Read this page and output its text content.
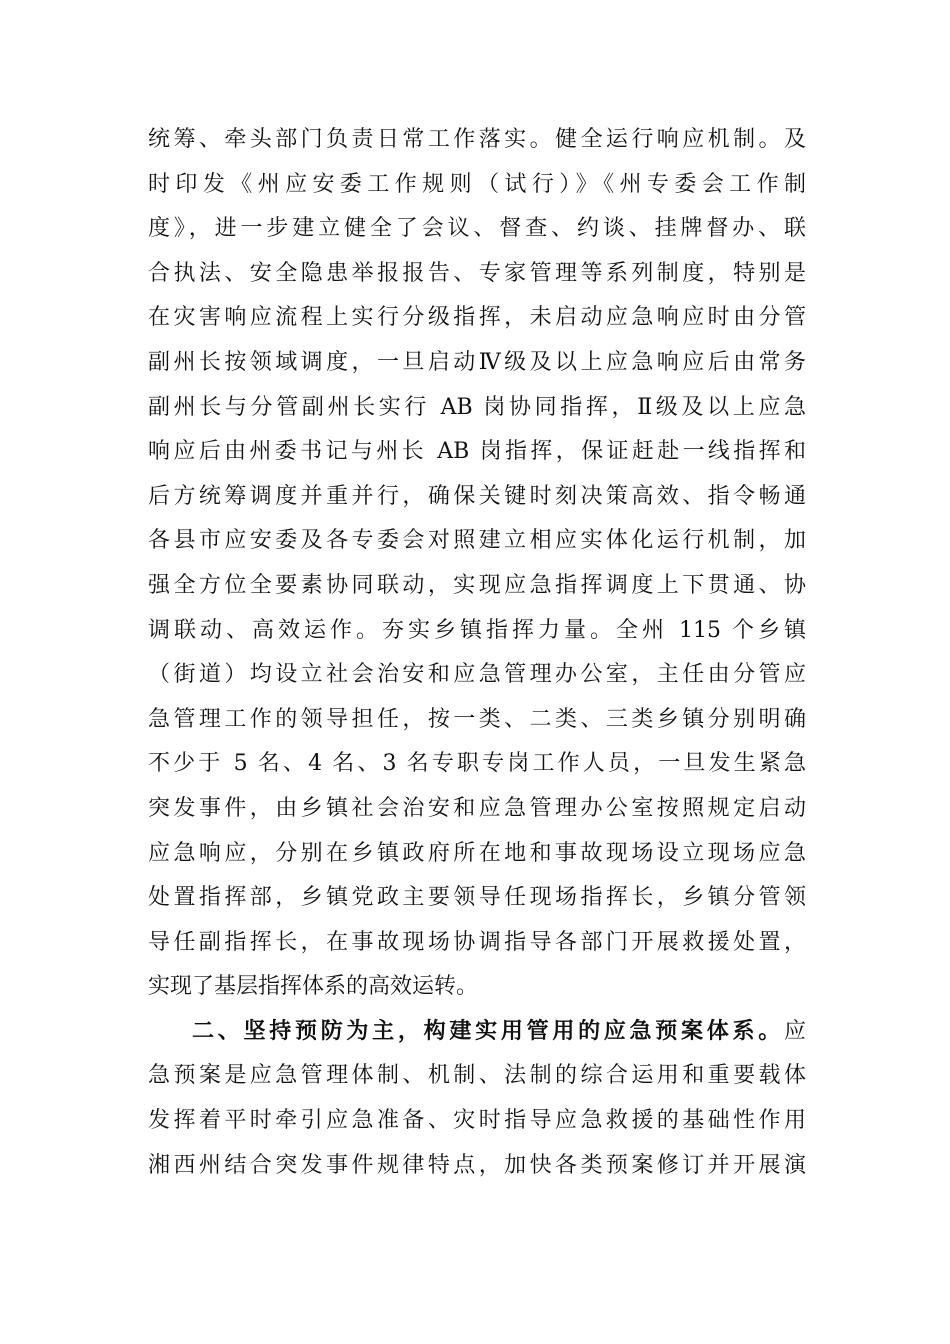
统筹、牵头部门负责日常工作落实。健全运行响应机制。及
时印发《州应安委工作规则（试行）》《州专委会工作制
度》，进一步建立健全了会议、督查、约谈、挂牌督办、联
合执法、安全隐患举报报告、专家管理等系列制度，特别是
在灾害响应流程上实行分级指挥，未启动应急响应时由分管
副州长按领域调度，一旦启动Ⅳ级及以上应急响应后由常务
副州长与分管副州长实行 AB 岗协同指挥，Ⅱ级及以上应急
响应后由州委书记与州长 AB 岗指挥，保证赶赴一线指挥和
后方统筹调度并重并行，确保关键时刻决策高效、指令畅通
各县市应安委及各专委会对照建立相应实体化运行机制，加
强全方位全要素协同联动，实现应急指挥调度上下贯通、协
调联动、高效运作。夯实乡镇指挥力量。全州 115 个乡镇
（街道）均设立社会治安和应急管理办公室，主任由分管应
急管理工作的领导担任，按一类、二类、三类乡镇分别明确
不少于 5 名、4 名、3 名专职专岗工作人员，一旦发生紧急
突发事件，由乡镇社会治安和应急管理办公室按照规定启动
应急响应，分别在乡镇政府所在地和事故现场设立现场应急
处置指挥部，乡镇党政主要领导任现场指挥长，乡镇分管领
导任副指挥长，在事故现场协调指导各部门开展救援处置，
实现了基层指挥体系的高效运转。
二、坚持预防为主，构建实用管用的应急预案体系。应
急预案是应急管理体制、机制、法制的综合运用和重要载体
发挥着平时牵引应急准备、灾时指导应急救援的基础性作用
湘西州结合突发事件规律特点，加快各类预案修订并开展演
